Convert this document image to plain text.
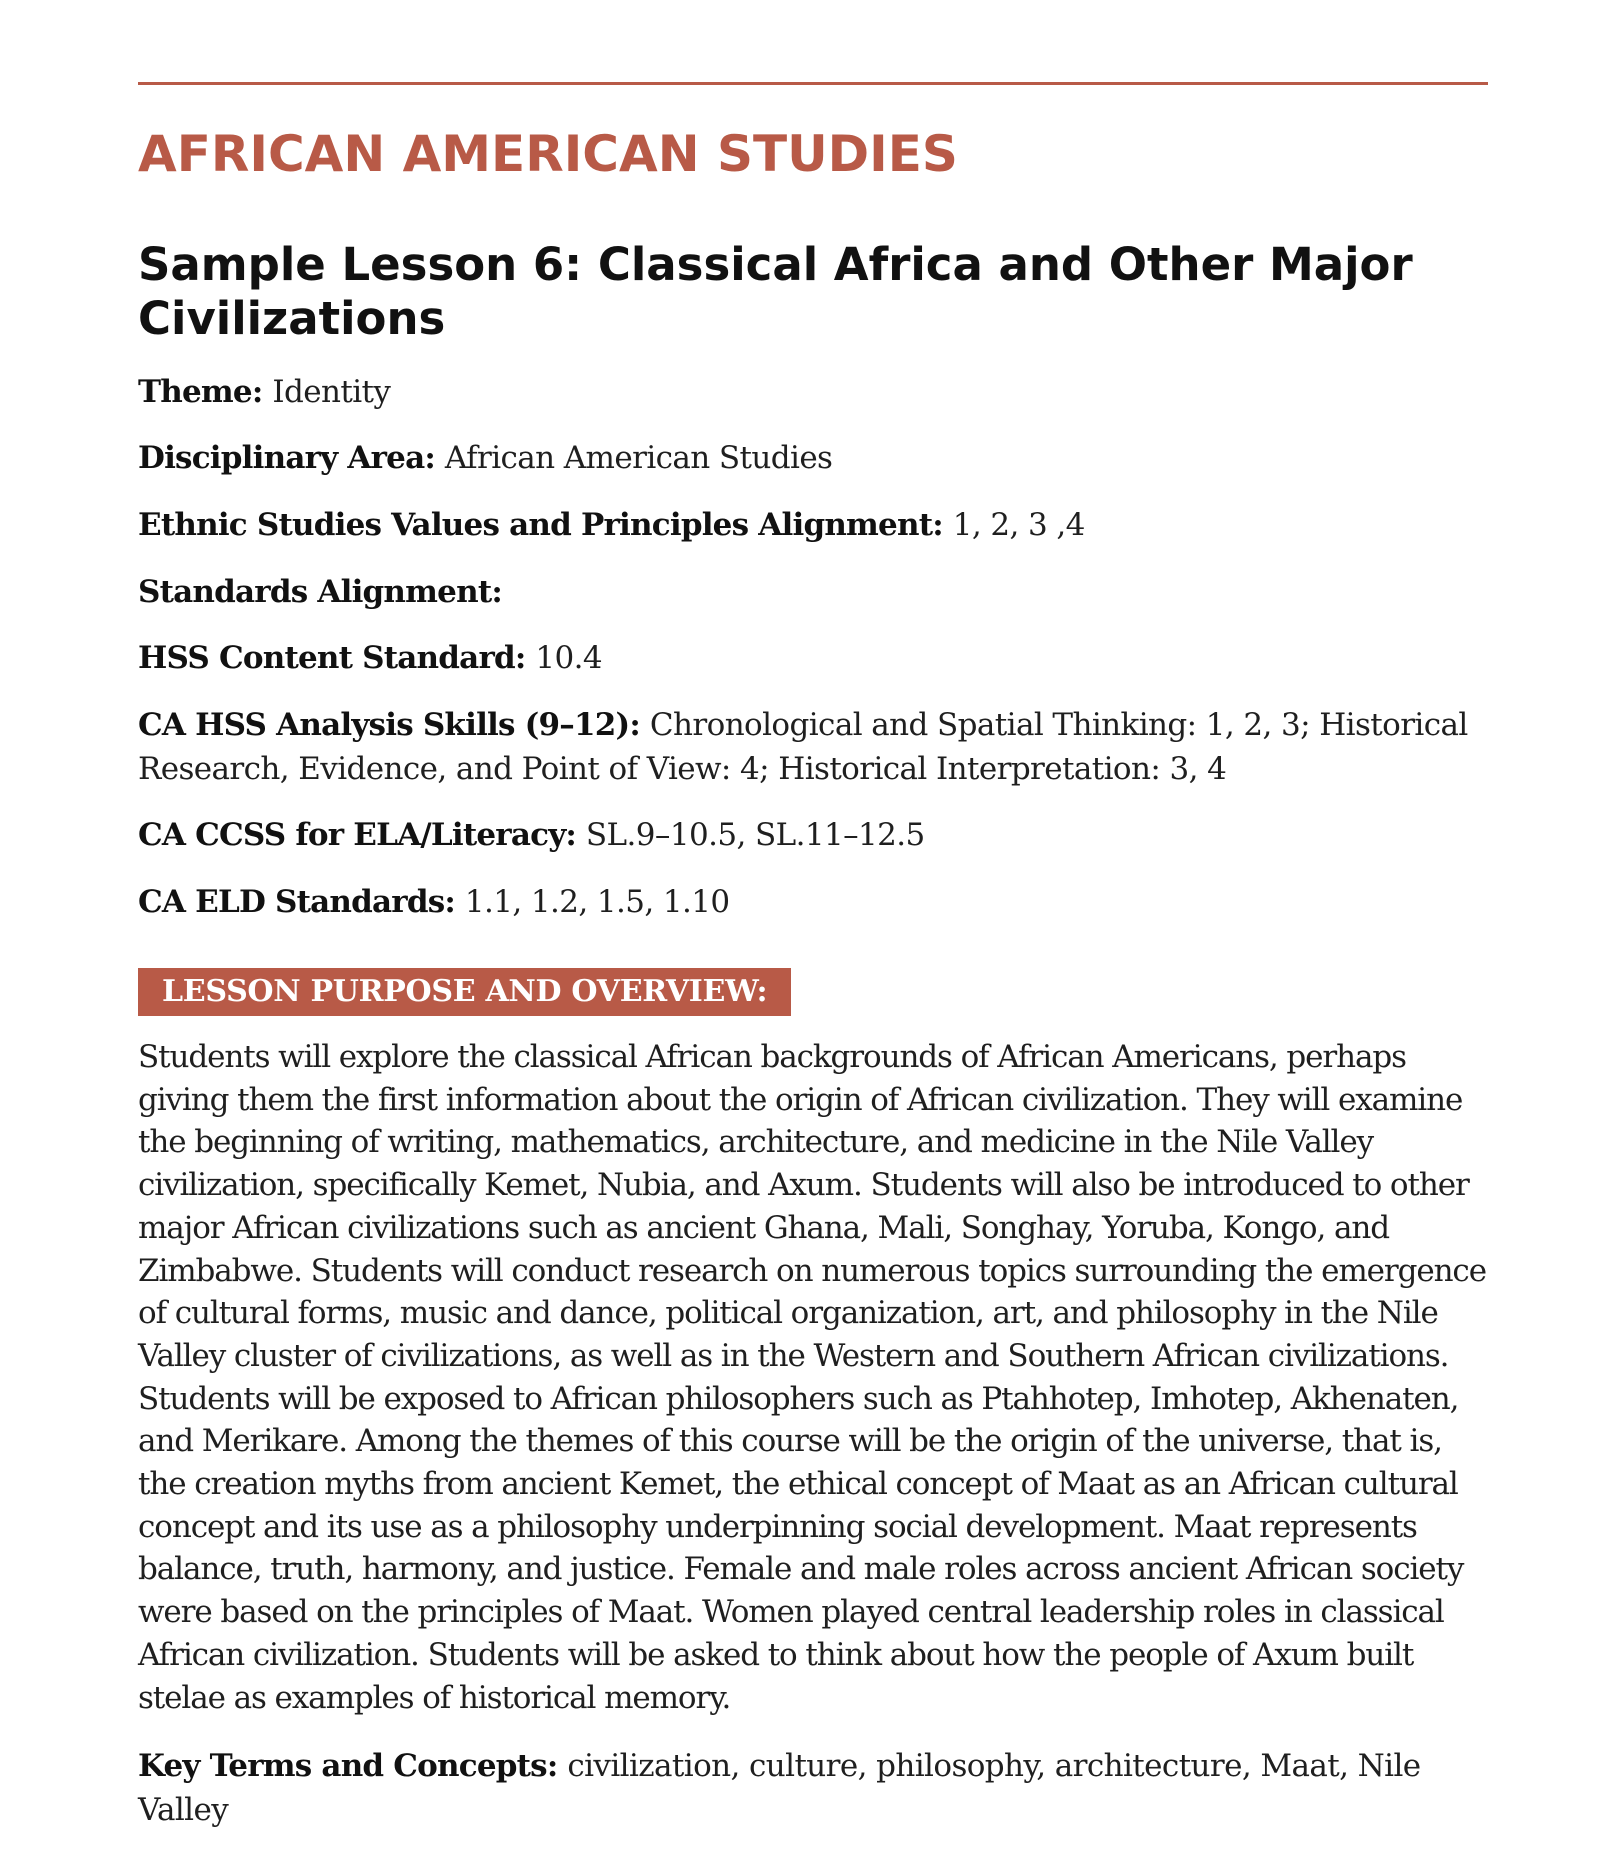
AFRICAN AMERICAN STUDIES
Sample Lesson 6: Classical Africa and Other Major Civilizations

Theme: Identity

Disciplinary Area: African American Studies

Ethnic Studies Values and Principles Alignment: 1, 2, 3 ,4

Standards Alignment:

HSS Content Standard: 10.4

CA HSS Analysis Skills (9–12): Chronological and Spatial Thinking: 1, 2, 3; Historical Research, Evidence, and Point of View: 4; Historical Interpretation: 3, 4

CA CCSS for ELA/Literacy: SL.9–10.5, SL.11–12.5

CA ELD Standards: 1.1, 1.2, 1.5, 1.10

LESSON PURPOSE AND OVERVIEW:

Students will explore the classical African backgrounds of African Americans, perhaps giving them the first information about the origin of African civilization. They will examine the beginning of writing, mathematics, architecture, and medicine in the Nile Valley civilization, specifically Kemet, Nubia, and Axum. Students will also be introduced to other major African civilizations such as ancient Ghana, Mali, Songhay, Yoruba, Kongo, and Zimbabwe. Students will conduct research on numerous topics surrounding the emergence of cultural forms, music and dance, political organization, art, and philosophy in the Nile Valley cluster of civilizations, as well as in the Western and Southern African civilizations. Students will be exposed to African philosophers such as Ptahhotep, Imhotep, Akhenaten, and Merikare. Among the themes of this course will be the origin of the universe, that is, the creation myths from ancient Kemet, the ethical concept of Maat as an African cultural concept and its use as a philosophy underpinning social development. Maat represents balance, truth, harmony, and justice. Female and male roles across ancient African society were based on the principles of Maat. Women played central leadership roles in classical African civilization. Students will be asked to think about how the people of Axum built stelae as examples of historical memory.

Key Terms and Concepts: civilization, culture, philosophy, architecture, Maat, Nile Valley
